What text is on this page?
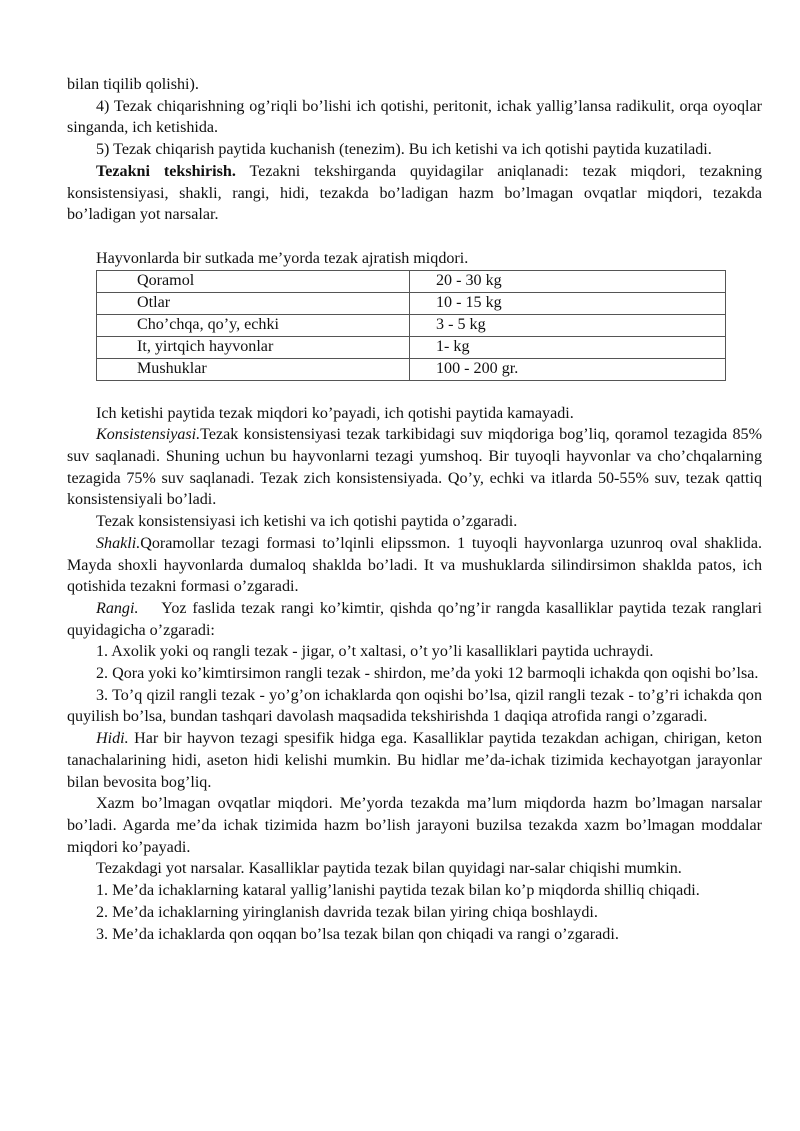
bilan tiqilib qolishi).

4) Tezak chiqarishning og’riqli bo’lishi ich qotishi, peritonit, ichak yallig’lansa radikulit, orqa oyoqlar singanda, ich ketishida.

5) Tezak chiqarish paytida kuchanish (tenezim). Bu ich ketishi va ich qotishi paytida kuzatiladi.

Tezakni tekshirish. Tezakni tekshirganda quyidagilar aniqlanadi: tezak miqdori, tezakning konsistensiyasi, shakli, rangi, hidi, tezakda bo’ladigan hazm bo’lmagan ovqatlar miqdori, tezakda bo’ladigan yot narsalar.

Hayvonlarda bir sutkada me’yorda tezak ajratish miqdori.

Qoramol	20 - 30 kg
Otlar	10 - 15 kg
Cho’chqa, qo’y, echki	3 - 5 kg
It, yirtqich hayvonlar	1- kg
Mushuklar	100 - 200 gr.

Ich ketishi paytida tezak miqdori ko’payadi, ich qotishi paytida kamayadi.

Konsistensiyasi.Tezak konsistensiyasi tezak tarkibidagi suv miqdoriga bog’liq, qoramol tezagida 85% suv saqlanadi. Shuning uchun bu hayvonlarni tezagi yumshoq. Bir tuyoqli hayvonlar va cho’chqalarning tezagida 75% suv saqlanadi. Tezak zich konsistensiyada. Qo’y, echki va itlarda 50-55% suv, tezak qattiq konsistensiyali bo’ladi.

Tezak konsistensiyasi ich ketishi va ich qotishi paytida o’zgaradi.

Shakli.Qoramollar tezagi formasi to’lqinli elipssmon. 1 tuyoqli hayvonlarga uzunroq oval shaklida. Mayda shoxli hayvonlarda dumaloq shaklda bo’ladi. It va mushuklarda silindirsimon shaklda patos, ich qotishida tezakni formasi o’zgaradi.

Rangi.    Yoz faslida tezak rangi ko’kimtir, qishda qo’ng’ir rangda kasalliklar paytida tezak ranglari quyidagicha o’zgaradi:

1. Axolik yoki oq rangli tezak - jigar, o’t xaltasi, o’t yo’li kasalliklari paytida uchraydi.

2. Qora yoki ko’kimtirsimon rangli tezak - shirdon, me’da yoki 12 barmoqli ichakda qon oqishi bo’lsa.

3. To’q qizil rangli tezak - yo’g’on ichaklarda qon oqishi bo’lsa, qizil rangli tezak - to’g’ri ichakda qon quyilish bo’lsa, bundan tashqari davolash maqsadida tekshirishda 1 daqiqa atrofida rangi o’zgaradi.

Hidi. Har bir hayvon tezagi spesifik hidga ega. Kasalliklar paytida tezakdan achigan, chirigan, keton tanachalarining hidi, aseton hidi kelishi mumkin. Bu hidlar me’da-ichak tizimida kechayotgan jarayonlar bilan bevosita bog’liq.

Xazm bo’lmagan ovqatlar miqdori. Me’yorda tezakda ma’lum miqdorda hazm bo’lmagan narsalar bo’ladi. Agarda me’da ichak tizimida hazm bo’lish jarayoni buzilsa tezakda xazm bo’lmagan moddalar miqdori ko’payadi.

Tezakdagi yot narsalar. Kasalliklar paytida tezak bilan quyidagi nar-salar chiqishi mumkin.

1. Me’da ichaklarning kataral yallig’lanishi paytida tezak bilan ko’p miqdorda shilliq chiqadi.

2. Me’da ichaklarning yiringlanish davrida tezak bilan yiring chiqa boshlaydi.

3. Me’da ichaklarda qon oqqan bo’lsa tezak bilan qon chiqadi va rangi o’zgaradi.
